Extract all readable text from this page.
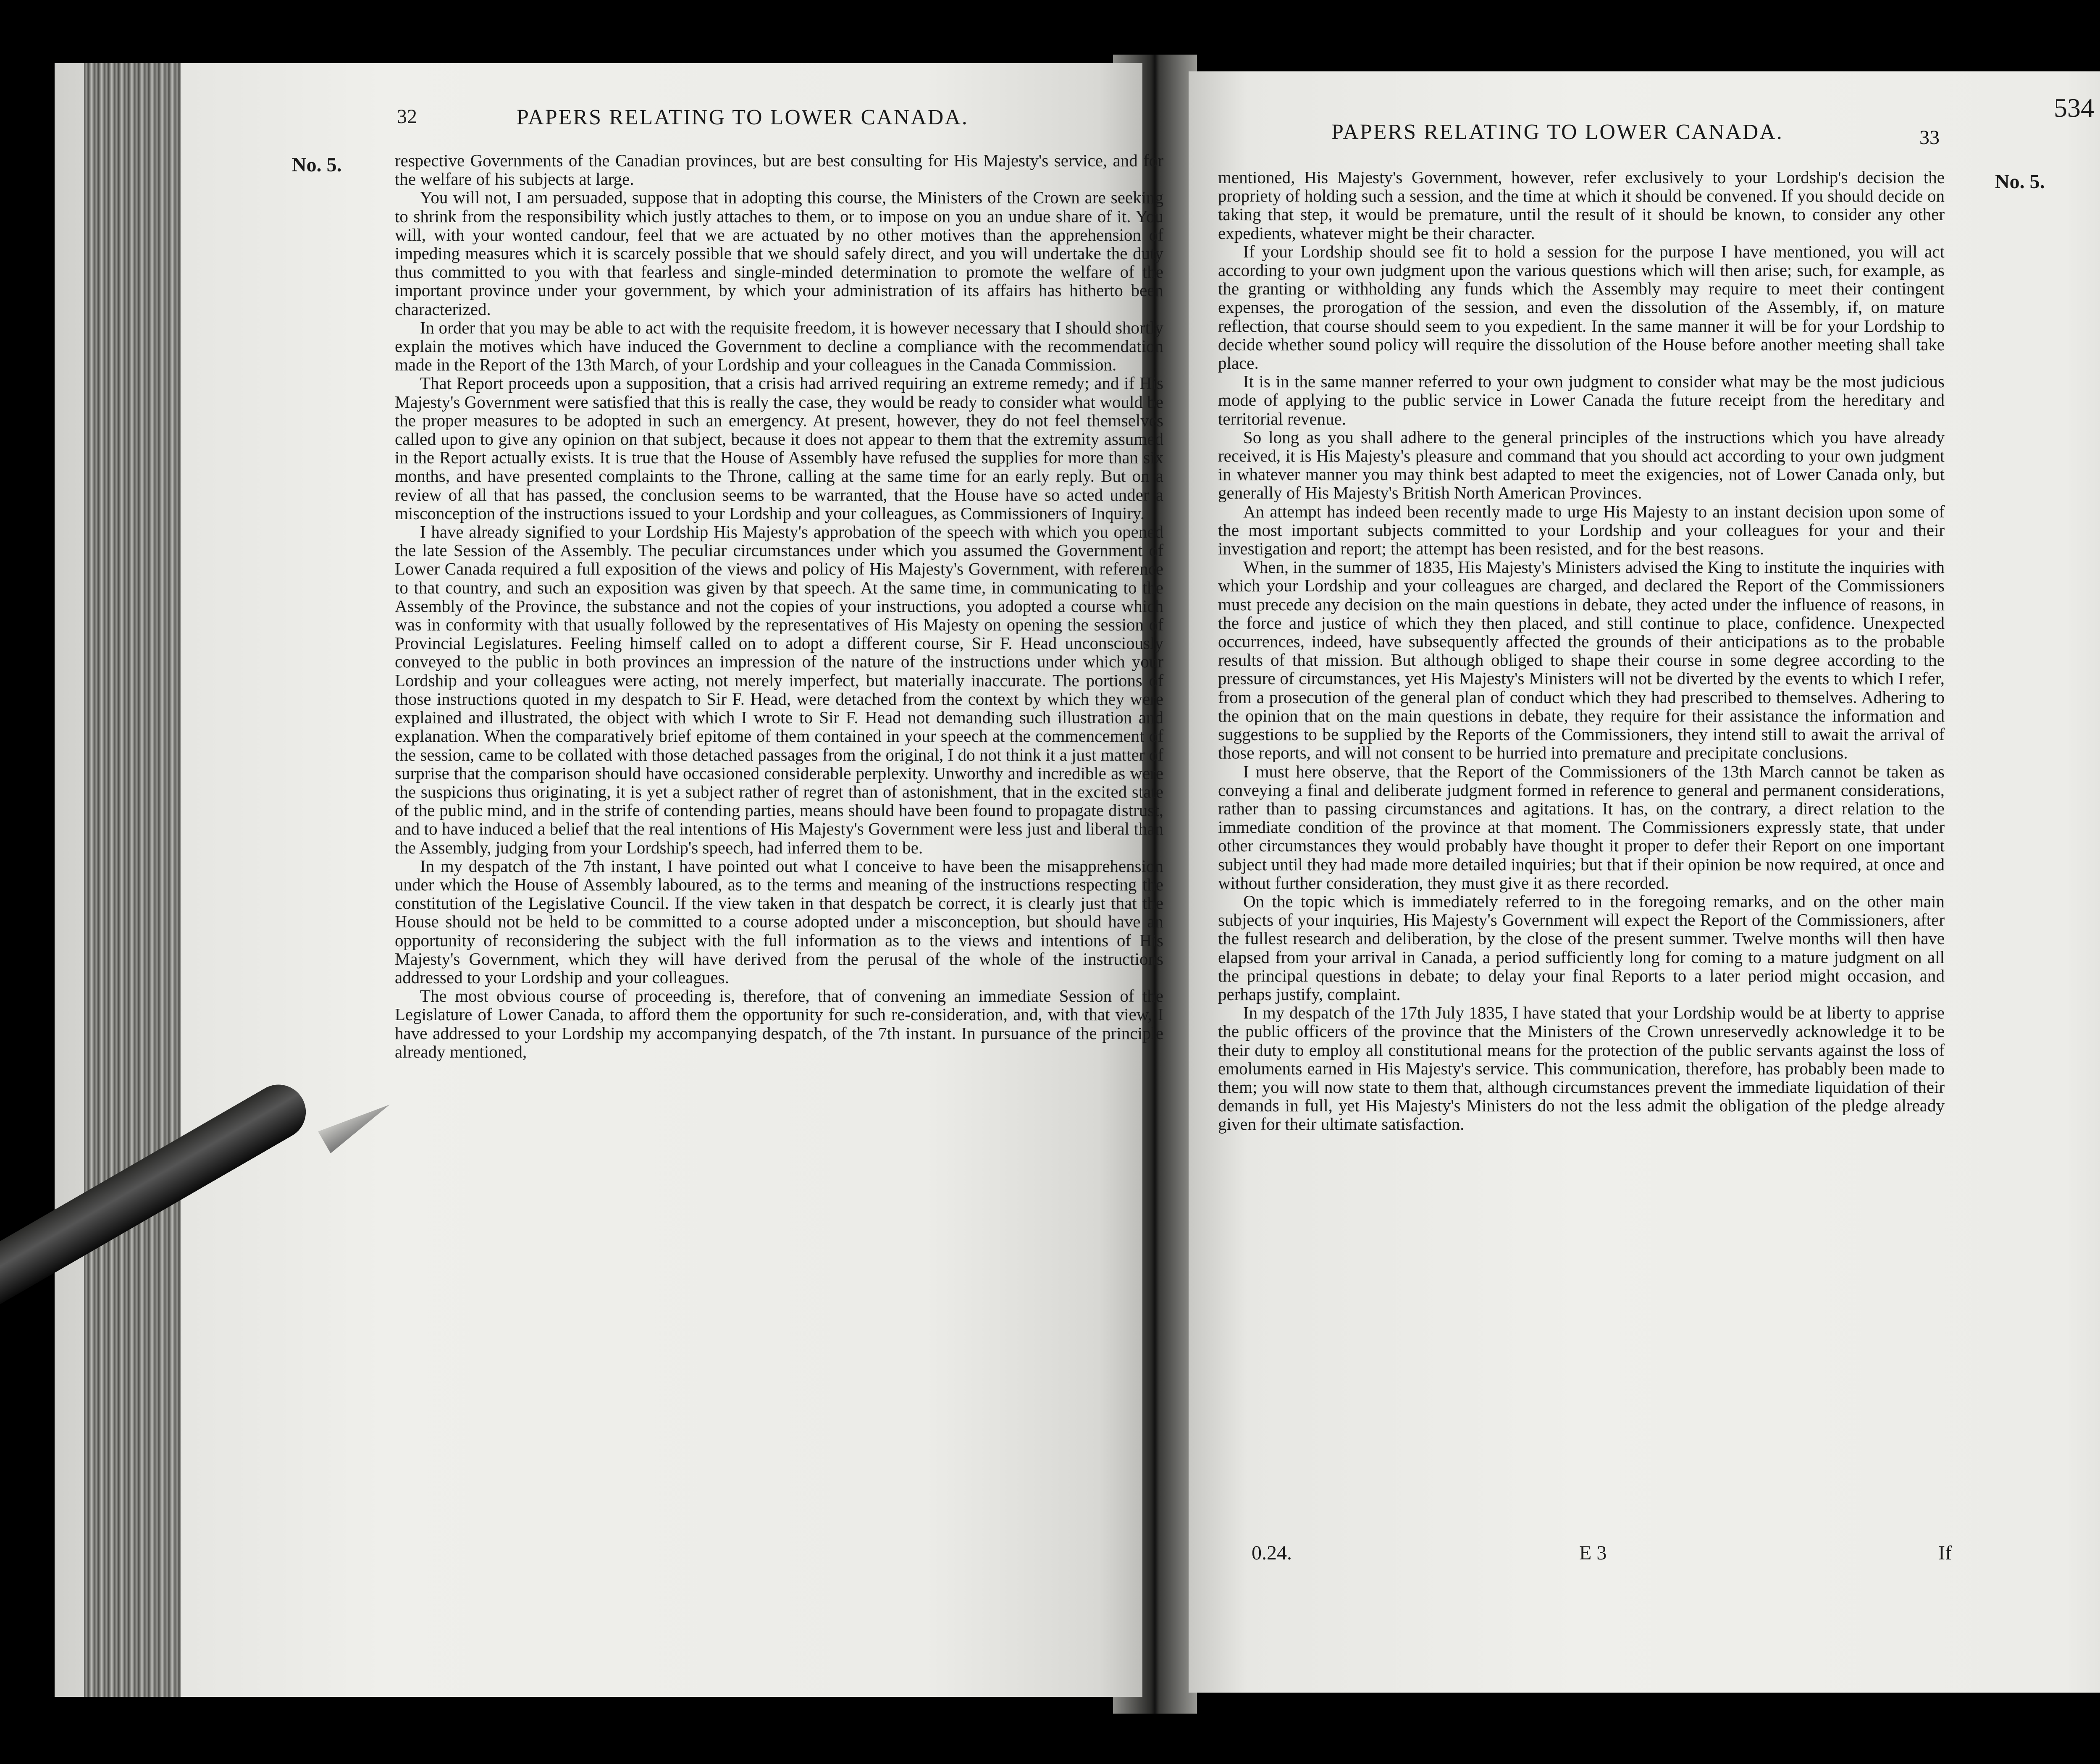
32	PAPERS RELATING TO LOWER CANADA.
No. 5.	respective Governments of the Canadian provinces, but are best consulting for His Majesty's service, and for the welfare of his subjects at large.

You will not, I am persuaded, suppose that in adopting this course, the Ministers of the Crown are seeking to shrink from the responsibility which justly attaches to them, or to impose on you an undue share of it. You will, with your wonted candour, feel that we are actuated by no other motives than the apprehension of impeding measures which it is scarcely possible that we should safely direct, and you will undertake the duty thus committed to you with that fearless and single-minded determination to promote the welfare of the important province under your government, by which your administration of its affairs has hitherto been characterized.

In order that you may be able to act with the requisite freedom, it is however necessary that I should shortly explain the motives which have induced the Government to decline a compliance with the recommendation made in the Report of the 13th March, of your Lordship and your colleagues in the Canada Commission.

That Report proceeds upon a supposition, that a crisis had arrived requiring an extreme remedy; and if His Majesty's Government were satisfied that this is really the case, they would be ready to consider what would be the proper measures to be adopted in such an emergency. At present, however, they do not feel themselves called upon to give any opinion on that subject, because it does not appear to them that the extremity assumed in the Report actually exists. It is true that the House of Assembly have refused the supplies for more than six months, and have presented complaints to the Throne, calling at the same time for an early reply. But on a review of all that has passed, the conclusion seems to be warranted, that the House have so acted under a misconception of the instructions issued to your Lordship and your colleagues, as Commissioners of Inquiry.

I have already signified to your Lordship His Majesty's approbation of the speech with which you opened the late Session of the Assembly. The peculiar circumstances under which you assumed the Government of Lower Canada required a full exposition of the views and policy of His Majesty's Government, with reference to that country, and such an exposition was given by that speech. At the same time, in communicating to the Assembly of the Province, the substance and not the copies of your instructions, you adopted a course which was in conformity with that usually followed by the representatives of His Majesty on opening the session of Provincial Legislatures. Feeling himself called on to adopt a different course, Sir F. Head unconsciously conveyed to the public in both provinces an impression of the nature of the instructions under which your Lordship and your colleagues were acting, not merely imperfect, but materially inaccurate. The portions of those instructions quoted in my despatch to Sir F. Head, were detached from the context by which they were explained and illustrated, the object with which I wrote to Sir F. Head not demanding such illustration and explanation. When the comparatively brief epitome of them contained in your speech at the commencement of the session, came to be collated with those detached passages from the original, I do not think it a just matter of surprise that the comparison should have occasioned considerable perplexity. Unworthy and incredible as were the suspicions thus originating, it is yet a subject rather of regret than of astonishment, that in the excited state of the public mind, and in the strife of contending parties, means should have been found to propagate distrust, and to have induced a belief that the real intentions of His Majesty's Government were less just and liberal than the Assembly, judging from your Lordship's speech, had inferred them to be.

In my despatch of the 7th instant, I have pointed out what I conceive to have been the misapprehension under which the House of Assembly laboured, as to the terms and meaning of the instructions respecting the constitution of the Legislative Council. If the view taken in that despatch be correct, it is clearly just that the House should not be held to be committed to a course adopted under a misconception, but should have an opportunity of reconsidering the subject with the full information as to the views and intentions of His Majesty's Government, which they will have derived from the perusal of the whole of the instructions addressed to your Lordship and your colleagues.

The most obvious course of proceeding is, therefore, that of convening an immediate Session of the Legislature of Lower Canada, to afford them the opportunity for such re-consideration, and, with that view, I have addressed to your Lordship my accompanying despatch, of the 7th instant. In pursuance of the principle already mentioned,

PAPERS RELATING TO LOWER CANADA.	33
534

mentioned, His Majesty's Government, however, refer exclusively to your Lordship's decision the propriety of holding such a session, and the time at which it should be convened. If you should decide on taking that step, it would be premature, until the result of it should be known, to consider any other expedients, whatever might be their character.

If your Lordship should see fit to hold a session for the purpose I have mentioned, you will act according to your own judgment upon the various questions which will then arise; such, for example, as the granting or withholding any funds which the Assembly may require to meet their contingent expenses, the prorogation of the session, and even the dissolution of the Assembly, if, on mature reflection, that course should seem to you expedient. In the same manner it will be for your Lordship to decide whether sound policy will require the dissolution of the House before another meeting shall take place.

It is in the same manner referred to your own judgment to consider what may be the most judicious mode of applying to the public service in Lower Canada the future receipt from the hereditary and territorial revenue.

So long as you shall adhere to the general principles of the instructions which you have already received, it is His Majesty's pleasure and command that you should act according to your own judgment in whatever manner you may think best adapted to meet the exigencies, not of Lower Canada only, but generally of His Majesty's British North American Provinces.

An attempt has indeed been recently made to urge His Majesty to an instant decision upon some of the most important subjects committed to your Lordship and your colleagues for your and their investigation and report; the attempt has been resisted, and for the best reasons.

When, in the summer of 1835, His Majesty's Ministers advised the King to institute the inquiries with which your Lordship and your colleagues are charged, and declared the Report of the Commissioners must precede any decision on the main questions in debate, they acted under the influence of reasons, in the force and justice of which they then placed, and still continue to place, confidence. Unexpected occurrences, indeed, have subsequently affected the grounds of their anticipations as to the probable results of that mission. But although obliged to shape their course in some degree according to the pressure of circumstances, yet His Majesty's Ministers will not be diverted by the events to which I refer, from a prosecution of the general plan of conduct which they had prescribed to themselves. Adhering to the opinion that on the main questions in debate, they require for their assistance the information and suggestions to be supplied by the Reports of the Commissioners, they intend still to await the arrival of those reports, and will not consent to be hurried into premature and precipitate conclusions.

I must here observe, that the Report of the Commissioners of the 13th March cannot be taken as conveying a final and deliberate judgment formed in reference to general and permanent considerations, rather than to passing circumstances and agitations. It has, on the contrary, a direct relation to the immediate condition of the province at that moment. The Commissioners expressly state, that under other circumstances they would probably have thought it proper to defer their Report on one important subject until they had made more detailed inquiries; but that if their opinion be now required, at once and without further consideration, they must give it as there recorded.

On the topic which is immediately referred to in the foregoing remarks, and on the other main subjects of your inquiries, His Majesty's Government will expect the Report of the Commissioners, after the fullest research and deliberation, by the close of the present summer. Twelve months will then have elapsed from your arrival in Canada, a period sufficiently long for coming to a mature judgment on all the principal questions in debate; to delay your final Reports to a later period might occasion, and perhaps justify, complaint.

In my despatch of the 17th July 1835, I have stated that your Lordship would be at liberty to apprise the public officers of the province that the Ministers of the Crown unreservedly acknowledge it to be their duty to employ all constitutional means for the protection of the public servants against the loss of emoluments earned in His Majesty's service. This communication, therefore, has probably been made to them; you will now state to them that, although circumstances prevent the immediate liquidation of their demands in full, yet His Majesty's Ministers do not the less admit the obligation of the pledge already given for their ultimate satisfaction.

No. 5.
0.24.	E 3	If
